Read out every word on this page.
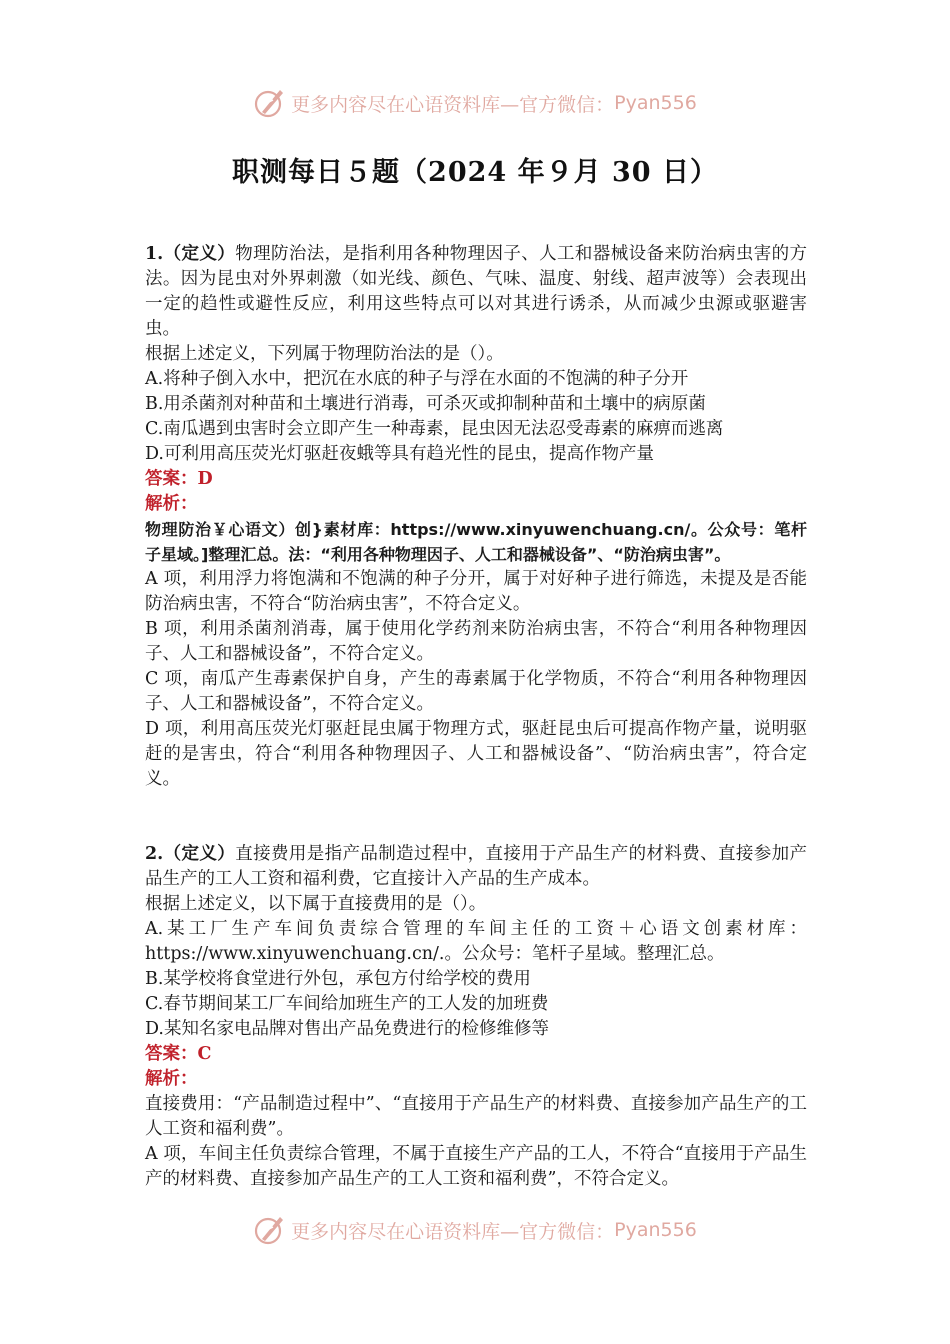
更多内容尽在心语资料库—官方微信： Pyan556
职测每日５题（2024 年９月 30 日）

1.（定义）物理防治法，是指利用各种物理因子、人工和器械设备来防治病虫害的方法。因为昆虫对外界刺激（如光线、颜色、气味、温度、射线、超声波等）会表现出一定的趋性或避性反应，利用这些特点可以对其进行诱杀，从而减少虫源或驱避害虫。

根据上述定义，下列属于物理防治法的是（）。

A.将种子倒入水中，把沉在水底的种子与浮在水面的不饱满的种子分开

B.用杀菌剂对种苗和土壤进行消毒，可杀灭或抑制种苗和土壤中的病原菌

C.南瓜遇到虫害时会立即产生一种毒素，昆虫因无法忍受毒素的麻痹而逃离

D.可利用高压荧光灯驱赶夜蛾等具有趋光性的昆虫，提高作物产量

答案：D

解析：

物理防治￥心语文）创}素材库：https://www.xinyuwenchuang.cn/。公众号：笔杆子星域。]整理汇总。法：“利用各种物理因子、人工和器械设备”、“防治病虫害”。

A 项，利用浮力将饱满和不饱满的种子分开，属于对好种子进行筛选，未提及是否能防治病虫害，不符合“防治病虫害”，不符合定义。

B 项，利用杀菌剂消毒，属于使用化学药剂来防治病虫害，不符合“利用各种物理因子、人工和器械设备”，不符合定义。

C 项，南瓜产生毒素保护自身，产生的毒素属于化学物质，不符合“利用各种物理因子、人工和器械设备”，不符合定义。

D 项，利用高压荧光灯驱赶昆虫属于物理方式，驱赶昆虫后可提高作物产量，说明驱赶的是害虫，符合“利用各种物理因子、人工和器械设备”、“防治病虫害”，符合定义。

2.（定义）直接费用是指产品制造过程中，直接用于产品生产的材料费、直接参加产品生产的工人工资和福利费，它直接计入产品的生产成本。

根据上述定义，以下属于直接费用的是（）。

A.某工厂生产车间负责综合管理的车间主任的工资＋心语文创素材库：https://www.xinyuwenchuang.cn/.。公众号：笔杆子星域。整理汇总。

B.某学校将食堂进行外包，承包方付给学校的费用

C.春节期间某工厂车间给加班生产的工人发的加班费

D.某知名家电品牌对售出产品免费进行的检修维修等

答案：C

解析：

直接费用：“产品制造过程中”、“直接用于产品生产的材料费、直接参加产品生产的工人工资和福利费”。

A 项，车间主任负责综合管理，不属于直接生产产品的工人，不符合“直接用于产品生产的材料费、直接参加产品生产的工人工资和福利费”，不符合定义。

更多内容尽在心语资料库—官方微信： Pyan556
